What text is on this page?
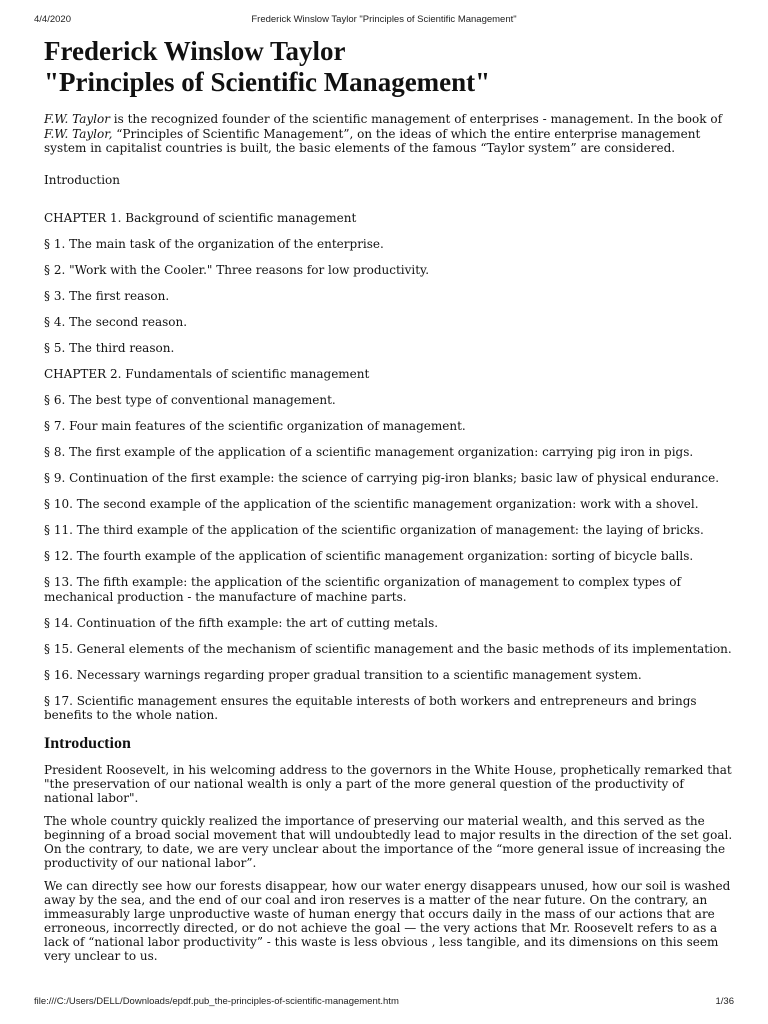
4/4/2020	Frederick Winslow Taylor "Principles of Scientific Management"
Frederick Winslow Taylor
"Principles of Scientific Management"

F.W. Taylor is the recognized founder of the scientific management of enterprises - management. In the book of
F.W. Taylor, “Principles of Scientific Management”, on the ideas of which the entire enterprise management system in capitalist countries is built, the basic elements of the famous “Taylor system” are considered.

Introduction

CHAPTER 1. Background of scientific management

§ 1. The main task of the organization of the enterprise.

§ 2. "Work with the Cooler." Three reasons for low productivity.

§ 3. The first reason.

§ 4. The second reason.

§ 5. The third reason.

CHAPTER 2. Fundamentals of scientific management

§ 6. The best type of conventional management.

§ 7. Four main features of the scientific organization of management.

§ 8. The first example of the application of a scientific management organization: carrying pig iron in pigs.

§ 9. Continuation of the first example: the science of carrying pig-iron blanks; basic law of physical endurance.

§ 10. The second example of the application of the scientific management organization: work with a shovel.

§ 11. The third example of the application of the scientific organization of management: the laying of bricks.

§ 12. The fourth example of the application of scientific management organization: sorting of bicycle balls.

§ 13. The fifth example: the application of the scientific organization of management to complex types of mechanical production - the manufacture of machine parts.

§ 14. Continuation of the fifth example: the art of cutting metals.

§ 15. General elements of the mechanism of scientific management and the basic methods of its implementation.

§ 16. Necessary warnings regarding proper gradual transition to a scientific management system.

§ 17. Scientific management ensures the equitable interests of both workers and entrepreneurs and brings benefits to the whole nation.

Introduction

President Roosevelt, in his welcoming address to the governors in the White House, prophetically remarked that "the preservation of our national wealth is only a part of the more general question of the productivity of national labor".

The whole country quickly realized the importance of preserving our material wealth, and this served as the beginning of a broad social movement that will undoubtedly lead to major results in the direction of the set goal. On the contrary, to date, we are very unclear about the importance of the “more general issue of increasing the productivity of our national labor”.

We can directly see how our forests disappear, how our water energy disappears unused, how our soil is washed away by the sea, and the end of our coal and iron reserves is a matter of the near future. On the contrary, an immeasurably large unproductive waste of human energy that occurs daily in the mass of our actions that are erroneous, incorrectly directed, or do not achieve the goal — the very actions that Mr. Roosevelt refers to as a lack of “national labor productivity” - this waste is less obvious , less tangible, and its dimensions on this seem very unclear to us.

file:///C:/Users/DELL/Downloads/epdf.pub_the-principles-of-scientific-management.htm	1/36
